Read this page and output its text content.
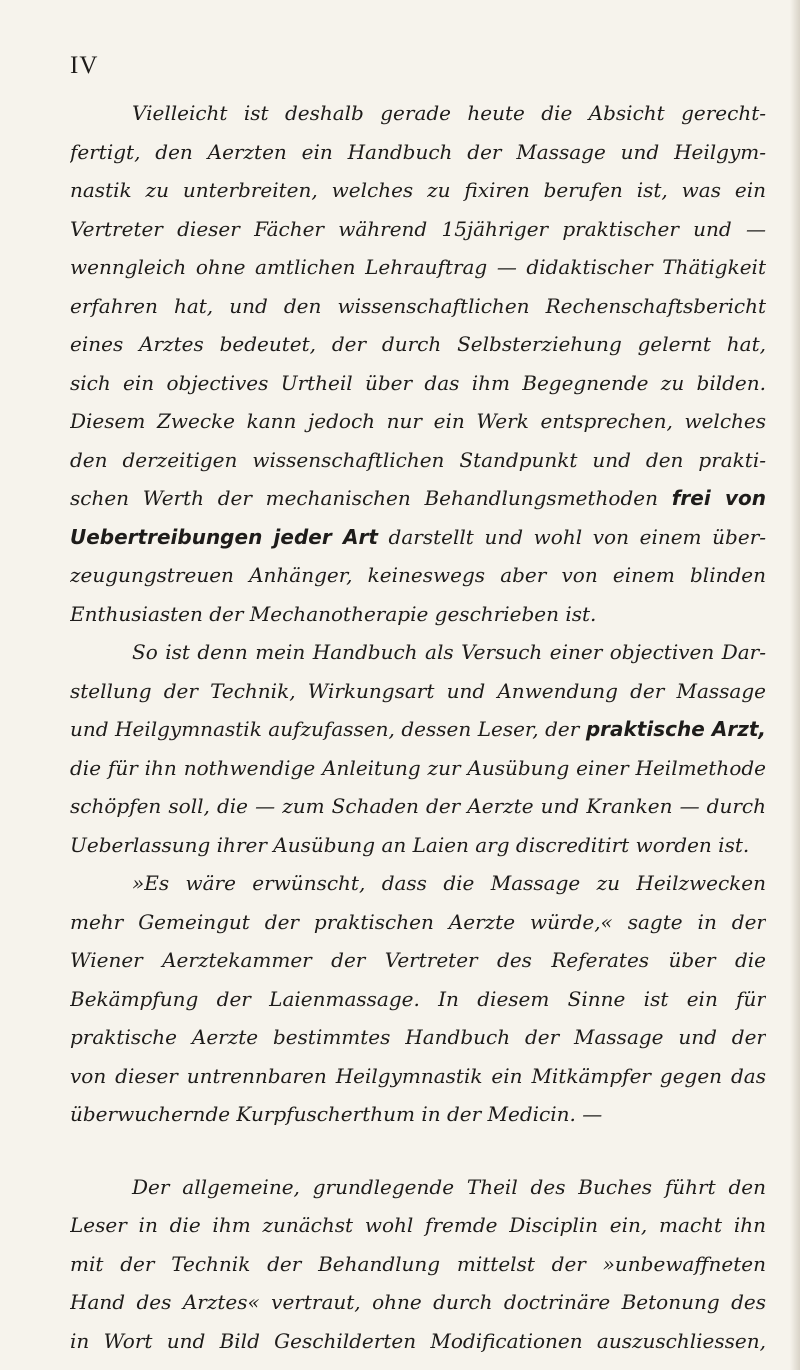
IV
Vielleicht ist deshalb gerade heute die Absicht gerecht-
fertigt, den Aerzten ein Handbuch der Massage und Heilgym-
nastik zu unterbreiten, welches zu fixiren berufen ist, was ein
Vertreter dieser Fächer während 15jähriger praktischer und —
wenngleich ohne amtlichen Lehrauftrag — didaktischer Thätigkeit
erfahren hat, und den wissenschaftlichen Rechenschaftsbericht
eines Arztes bedeutet, der durch Selbsterziehung gelernt hat,
sich ein objectives Urtheil über das ihm Begegnende zu bilden.
Diesem Zwecke kann jedoch nur ein Werk entsprechen, welches
den derzeitigen wissenschaftlichen Standpunkt und den prakti-
schen Werth der mechanischen Behandlungsmethoden frei von
Uebertreibungen jeder Art darstellt und wohl von einem über-
zeugungstreuen Anhänger, keineswegs aber von einem blinden
Enthusiasten der Mechanotherapie geschrieben ist.
So ist denn mein Handbuch als Versuch einer objectiven Dar-
stellung der Technik, Wirkungsart und Anwendung der Massage
und Heilgymnastik aufzufassen, dessen Leser, der praktische Arzt,
die für ihn nothwendige Anleitung zur Ausübung einer Heilmethode
schöpfen soll, die — zum Schaden der Aerzte und Kranken — durch
Ueberlassung ihrer Ausübung an Laien arg discreditirt worden ist.
»Es wäre erwünscht, dass die Massage zu Heilzwecken
mehr Gemeingut der praktischen Aerzte würde,« sagte in der
Wiener Aerztekammer der Vertreter des Referates über die
Bekämpfung der Laienmassage. In diesem Sinne ist ein für
praktische Aerzte bestimmtes Handbuch der Massage und der
von dieser untrennbaren Heilgymnastik ein Mitkämpfer gegen das
überwuchernde Kurpfuscherthum in der Medicin. —
Der allgemeine, grundlegende Theil des Buches führt den
Leser in die ihm zunächst wohl fremde Disciplin ein, macht ihn
mit der Technik der Behandlung mittelst der »unbewaffneten
Hand des Arztes« vertraut, ohne durch doctrinäre Betonung des
in Wort und Bild Geschilderten Modificationen auszuschliessen,
